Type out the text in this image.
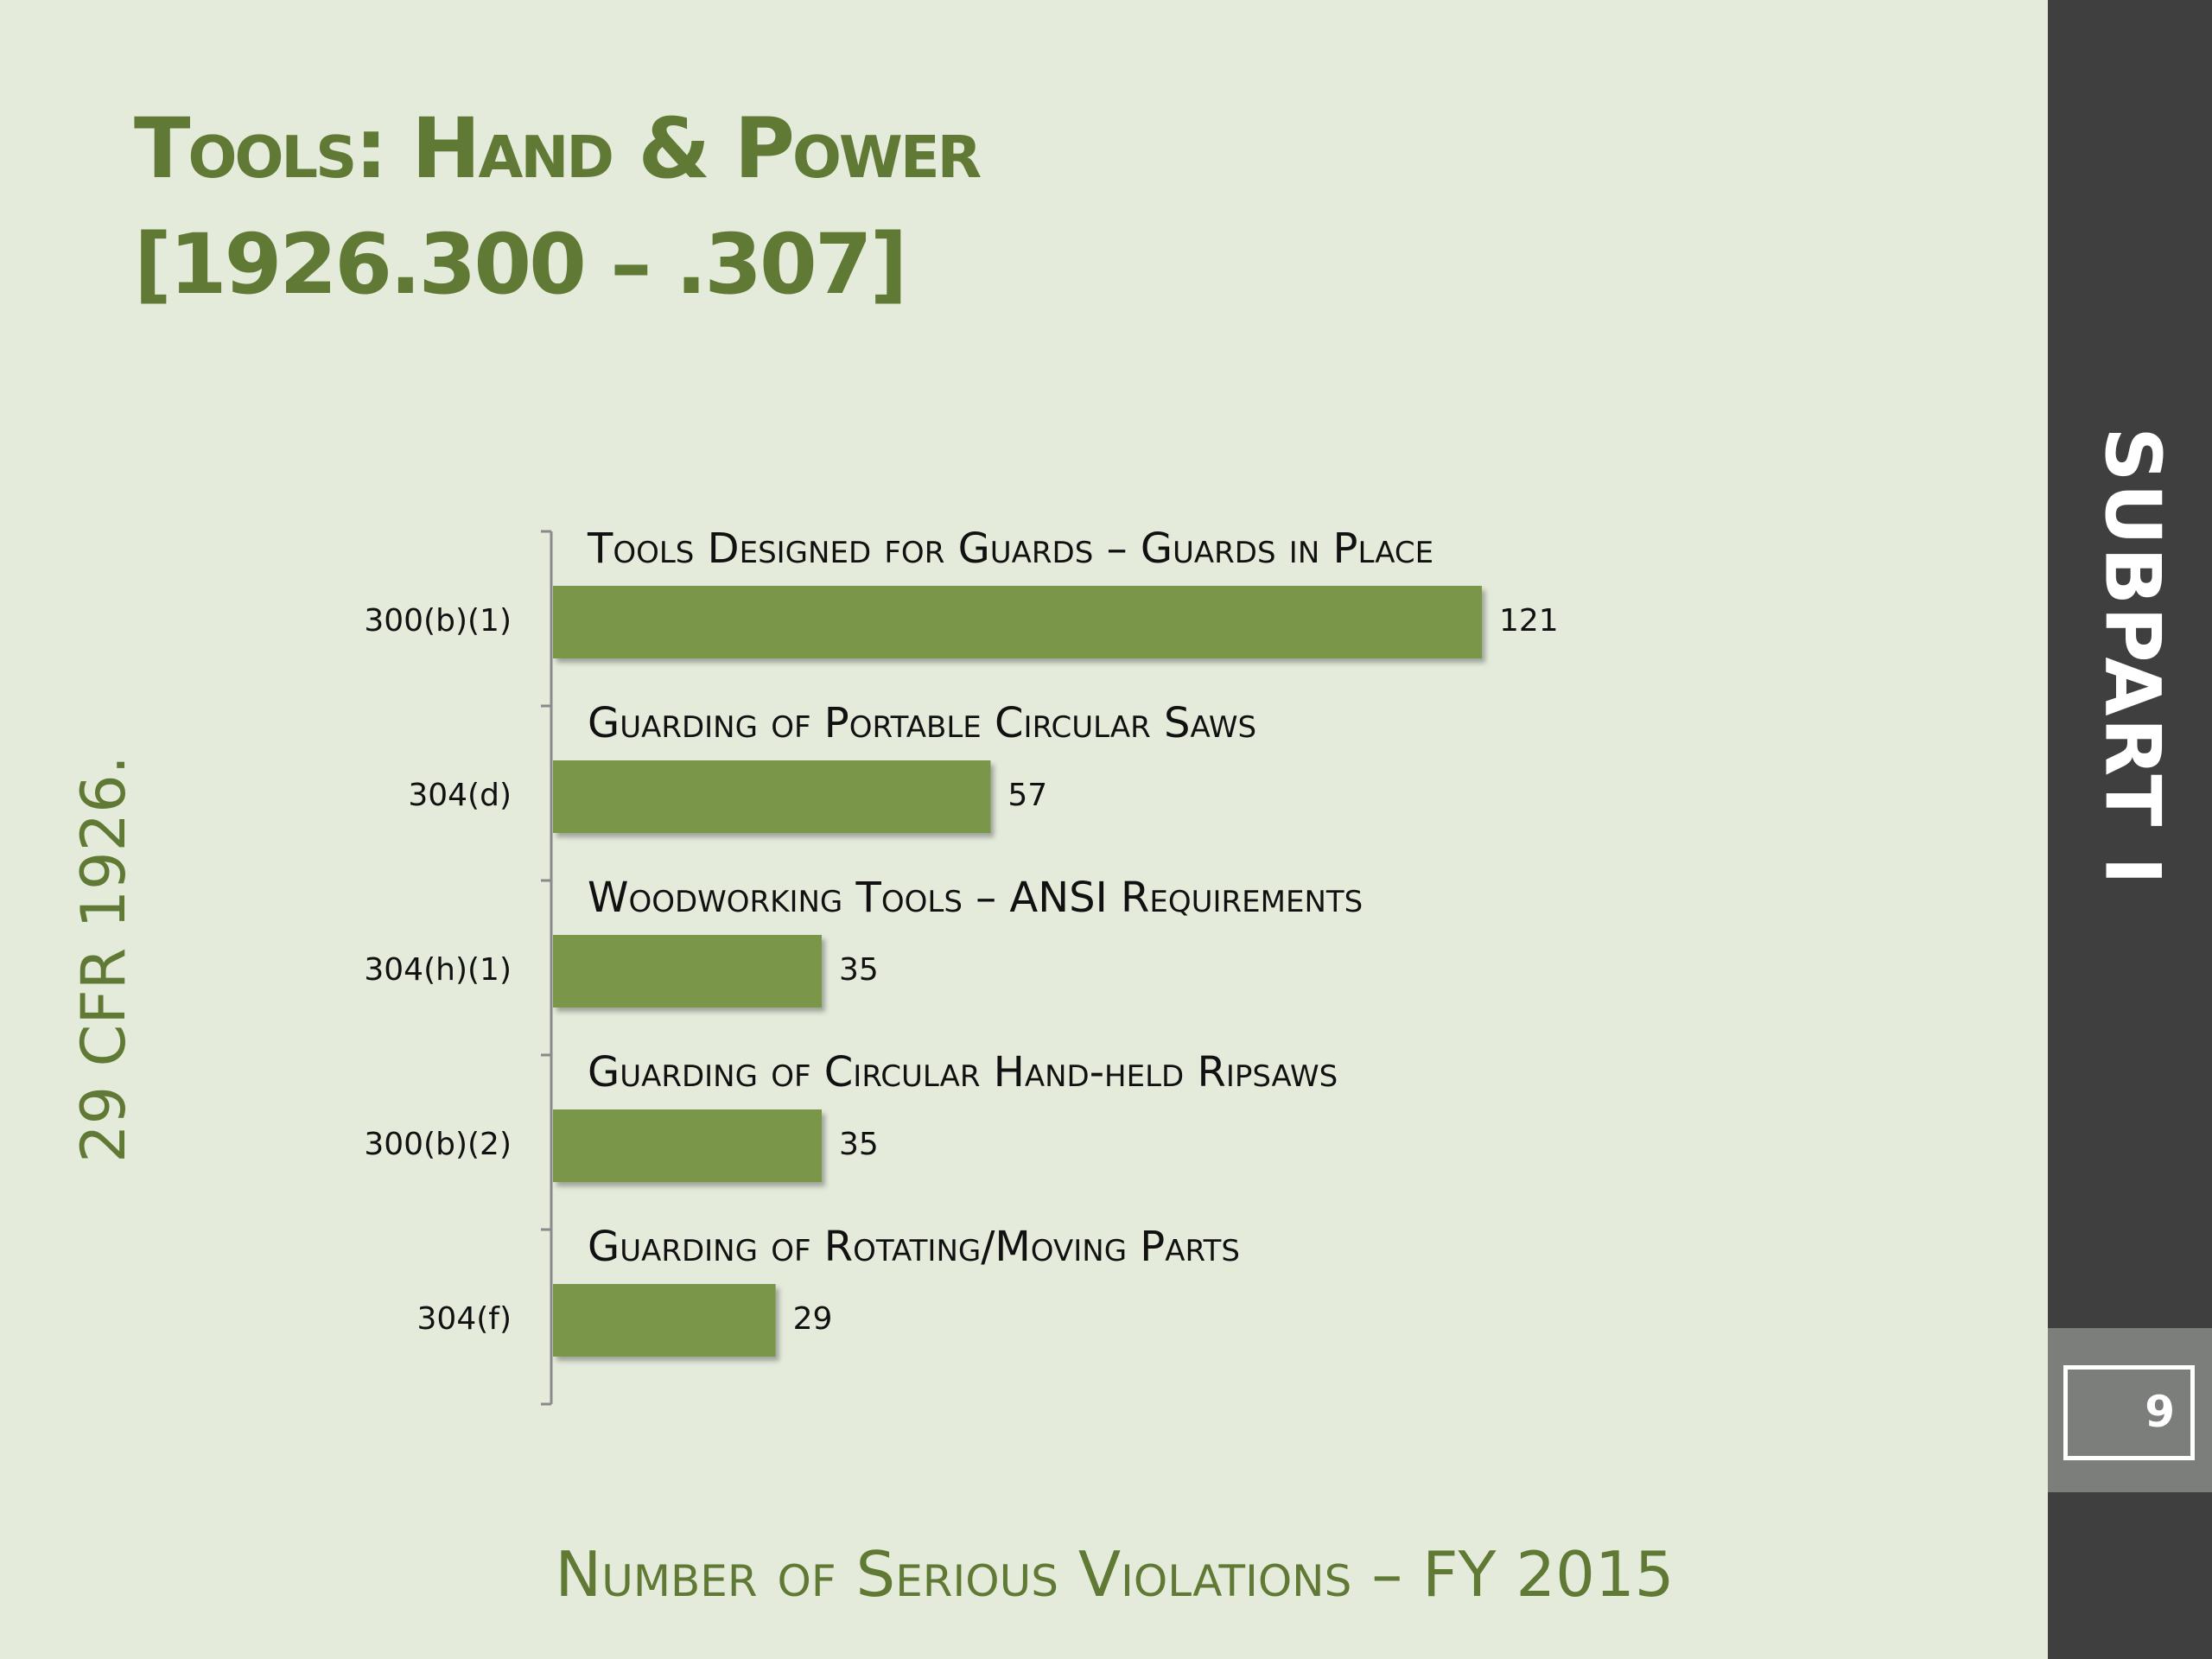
Tools: Hand & Power
[1926.300 – .307]
29 CFR 1926.
SUBPART I
9
Tools Designed for Guards – Guards in Place
300(b)(1)	121
Guarding of Portable Circular Saws
304(d)	57
Woodworking Tools – ANSI Requirements
304(h)(1)	35
Guarding of Circular Hand-held Ripsaws
300(b)(2)	35
Guarding of Rotating/Moving Parts
304(f)	29

Number of Serious Violations – FY 2015
